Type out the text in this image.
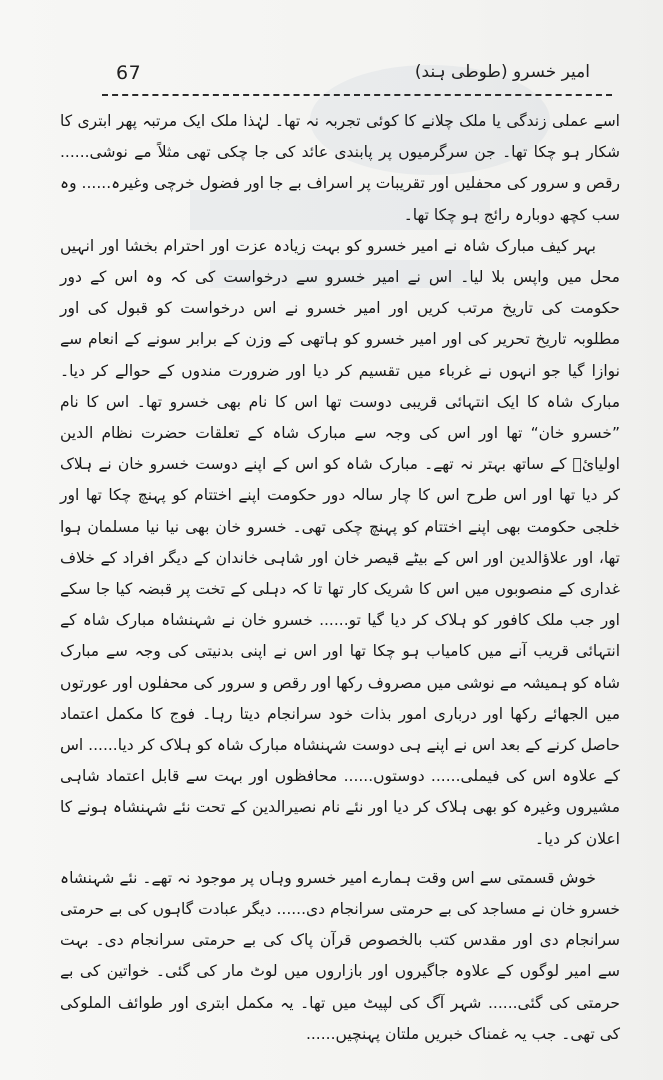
67	امیر خسرو (طوطی ہند)

اسے عملی زندگی یا ملک چلانے کا کوئی تجربہ نہ تھا۔ لہٰذا ملک ایک مرتبہ پھر ابتری کا شکار ہو چکا تھا۔ جن سرگرمیوں پر پابندی عائد کی جا چکی تھی مثلاً مے نوشی...... رقص و سرور کی محفلیں اور تقریبات پر اسراف بے جا اور فضول خرچی وغیرہ...... وہ سب کچھ دوبارہ رائج ہو چکا تھا۔

بہر کیف مبارک شاہ نے امیر خسرو کو بہت زیادہ عزت اور احترام بخشا اور انہیں محل میں واپس بلا لیا۔ اس نے امیر خسرو سے درخواست کی کہ وہ اس کے دور حکومت کی تاریخ مرتب کریں اور امیر خسرو نے اس درخواست کو قبول کی اور مطلوبہ تاریخ تحریر کی اور امیر خسرو کو ہاتھی کے وزن کے برابر سونے کے انعام سے نوازا گیا جو انہوں نے غرباء میں تقسیم کر دیا اور ضرورت مندوں کے حوالے کر دیا۔ مبارک شاہ کا ایک انتہائی قریبی دوست تھا اس کا نام بھی خسرو تھا۔ اس کا نام ”خسرو خان“ تھا اور اس کی وجہ سے مبارک شاہ کے تعلقات حضرت نظام الدین اولیائؒ کے ساتھ بہتر نہ تھے۔ مبارک شاہ کو اس کے اپنے دوست خسرو خان نے ہلاک کر دیا تھا اور اس طرح اس کا چار سالہ دور حکومت اپنے اختتام کو پہنچ چکا تھا اور خلجی حکومت بھی اپنے اختتام کو پہنچ چکی تھی۔ خسرو خان بھی نیا نیا مسلمان ہوا تھا، اور علاؤالدین اور اس کے بیٹے قیصر خان اور شاہی خاندان کے دیگر افراد کے خلاف غداری کے منصوبوں میں اس کا شریک کار تھا تا کہ دہلی کے تخت پر قبضہ کیا جا سکے اور جب ملک کافور کو ہلاک کر دیا گیا تو...... خسرو خان نے شہنشاہ مبارک شاہ کے انتہائی قریب آنے میں کامیاب ہو چکا تھا اور اس نے اپنی بدنیتی کی وجہ سے مبارک شاہ کو ہمیشہ مے نوشی میں مصروف رکھا اور رقص و سرور کی محفلوں اور عورتوں میں الجھائے رکھا اور درباری امور بذات خود سرانجام دیتا رہا۔ فوج کا مکمل اعتماد حاصل کرنے کے بعد اس نے اپنے ہی دوست شہنشاہ مبارک شاہ کو ہلاک کر دیا...... اس کے علاوہ اس کی فیملی...... دوستوں...... محافظوں اور بہت سے قابل اعتماد شاہی مشیروں وغیرہ کو بھی ہلاک کر دیا اور نئے نام نصیرالدین کے تحت نئے شہنشاہ ہونے کا اعلان کر دیا۔

خوش قسمتی سے اس وقت ہمارے امیر خسرو وہاں پر موجود نہ تھے۔ نئے شہنشاہ خسرو خان نے مساجد کی بے حرمتی سرانجام دی...... دیگر عبادت گاہوں کی بے حرمتی سرانجام دی اور مقدس کتب بالخصوص قرآن پاک کی بے حرمتی سرانجام دی۔ بہت سے امیر لوگوں کے علاوہ جاگیروں اور بازاروں میں لوٹ مار کی گئی۔ خواتین کی بے حرمتی کی گئی...... شہر آگ کی لپیٹ میں تھا۔ یہ مکمل ابتری اور طوائف الملوکی کی تھی۔ جب یہ غمناک خبریں ملتان پہنچیں......
